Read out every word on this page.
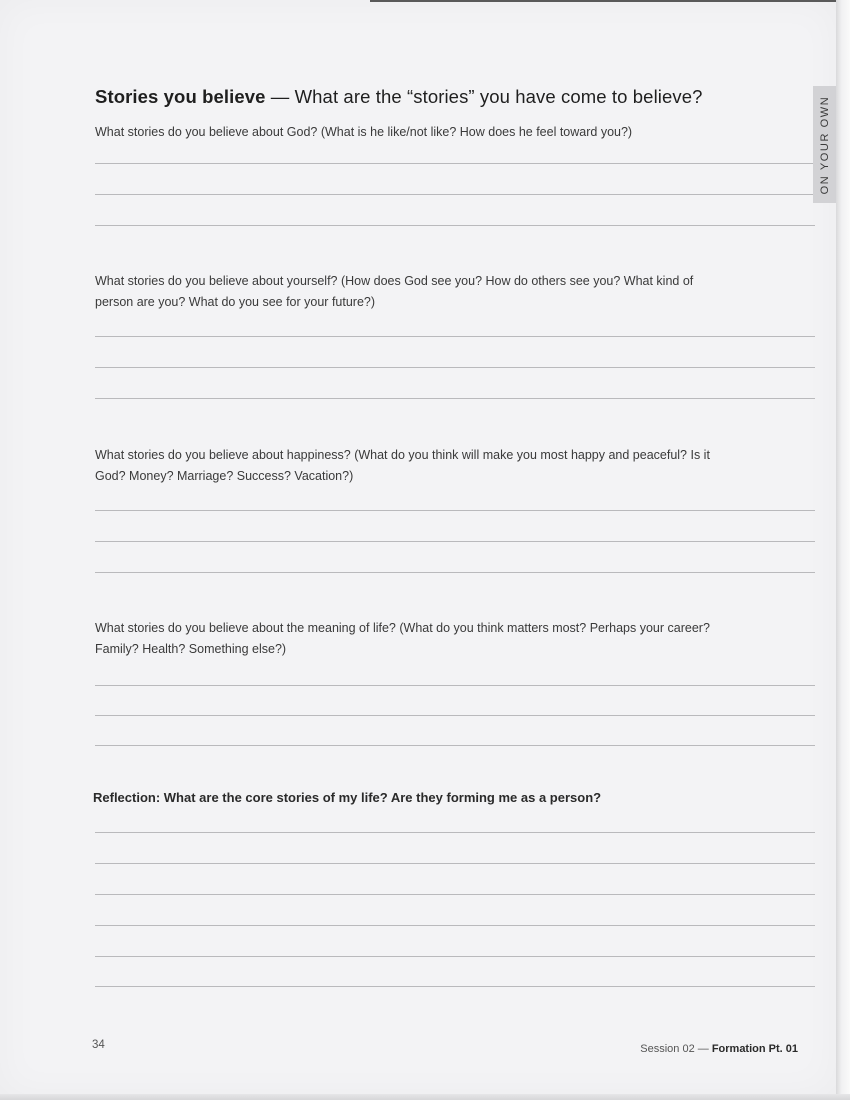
Stories you believe — What are the “stories” you have come to believe?

What stories do you believe about God? (What is he like/not like? How does he feel toward you?)

What stories do you believe about yourself? (How does God see you? How do others see you? What kind of person are you? What do you see for your future?)

What stories do you believe about happiness? (What do you think will make you most happy and peaceful? Is it God? Money? Marriage? Success? Vacation?)

What stories do you believe about the meaning of life? (What do you think matters most? Perhaps your career? Family? Health? Something else?)

Reflection: What are the core stories of my life? Are they forming me as a person?

ON YOUR OWN
34	Session 02 — Formation Pt. 01
